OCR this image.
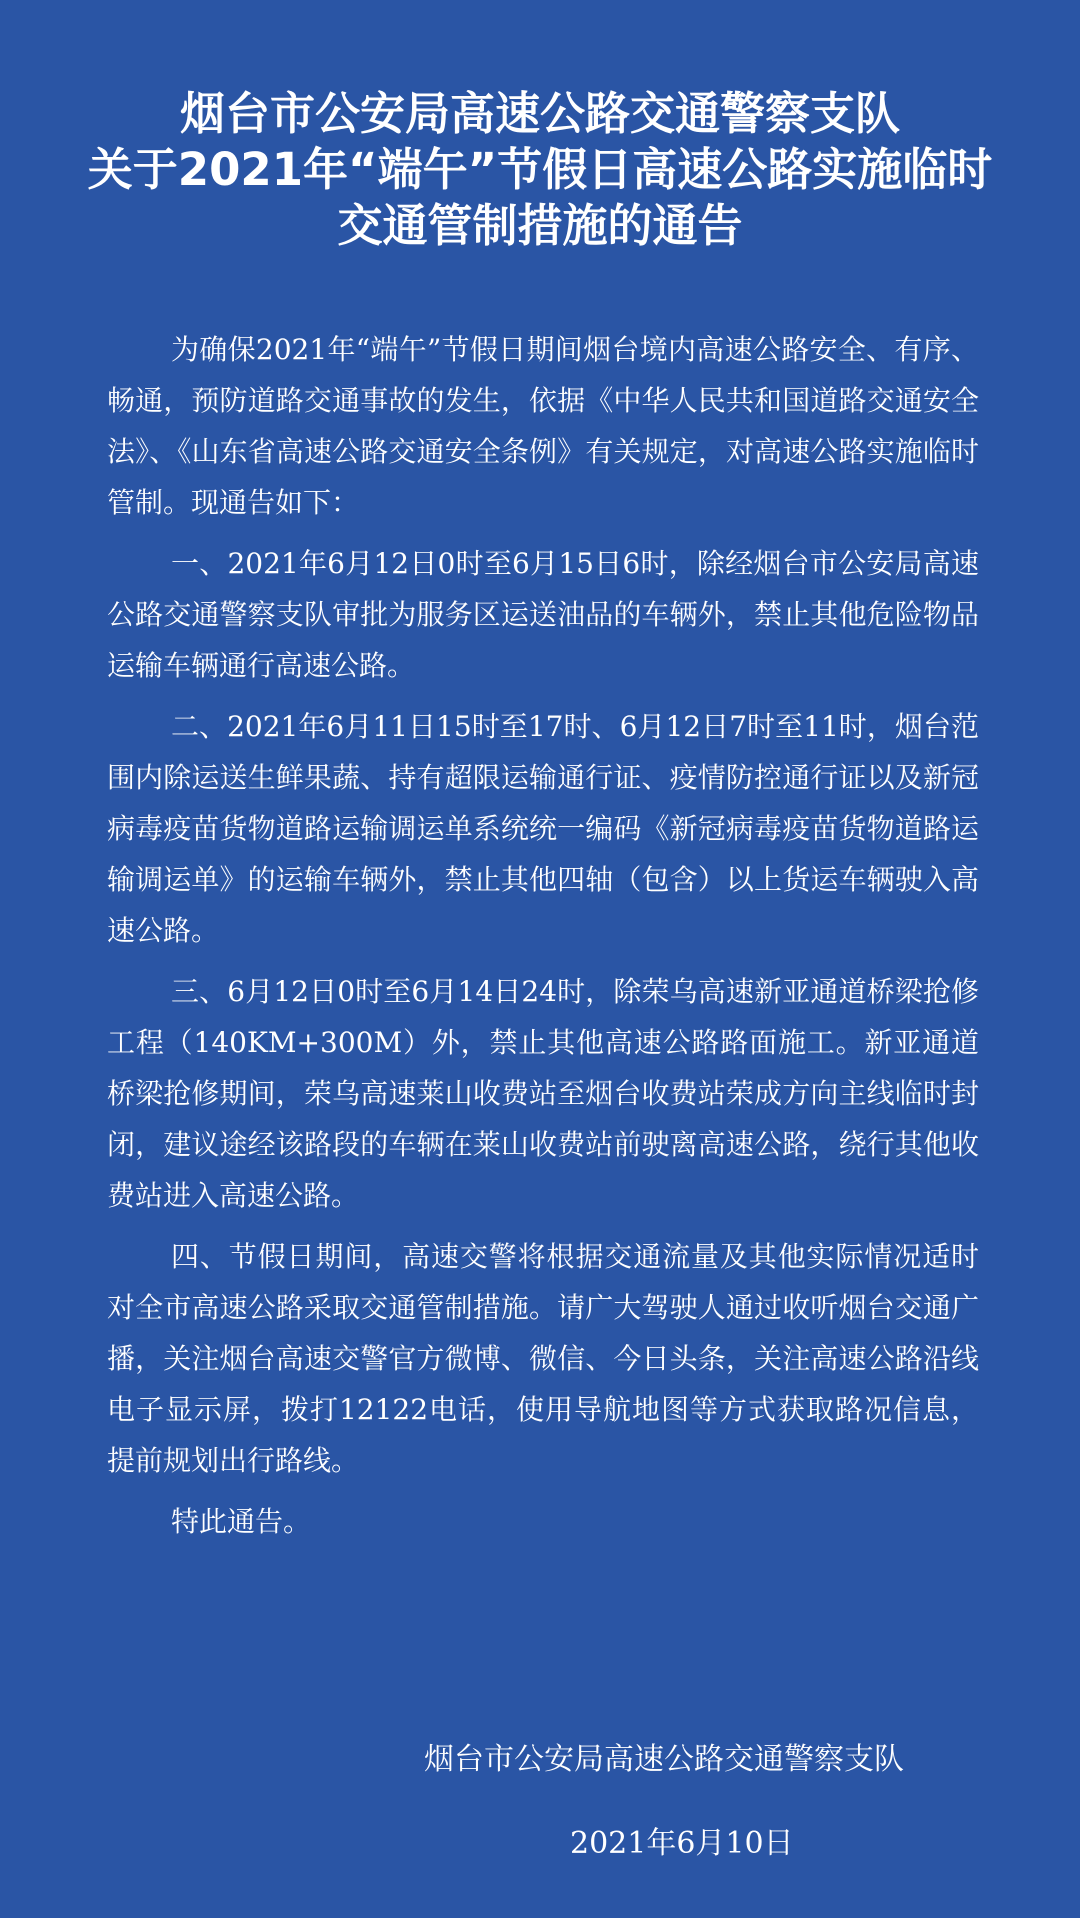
烟台市公安局高速公路交通警察支队
关于2021年“端午”节假日高速公路实施临时
交通管制措施的通告

为确保2021年“端午”节假日期间烟台境内高速公路安全、有序、畅通，预防道路交通事故的发生，依据《中华人民共和国道路交通安全法》、《山东省高速公路交通安全条例》有关规定，对高速公路实施临时管制。现通告如下：

一、2021年6月12日0时至6月15日6时，除经烟台市公安局高速公路交通警察支队审批为服务区运送油品的车辆外，禁止其他危险物品运输车辆通行高速公路。

二、2021年6月11日15时至17时、6月12日7时至11时，烟台范围内除运送生鲜果蔬、持有超限运输通行证、疫情防控通行证以及新冠病毒疫苗货物道路运输调运单系统统一编码《新冠病毒疫苗货物道路运输调运单》的运输车辆外，禁止其他四轴（包含）以上货运车辆驶入高速公路。

三、6月12日0时至6月14日24时，除荣乌高速新亚通道桥梁抢修工程（140KM+300M）外，禁止其他高速公路路面施工。新亚通道桥梁抢修期间，荣乌高速莱山收费站至烟台收费站荣成方向主线临时封闭，建议途经该路段的车辆在莱山收费站前驶离高速公路，绕行其他收费站进入高速公路。

四、节假日期间，高速交警将根据交通流量及其他实际情况适时对全市高速公路采取交通管制措施。请广大驾驶人通过收听烟台交通广播，关注烟台高速交警官方微博、微信、今日头条，关注高速公路沿线电子显示屏，拨打12122电话，使用导航地图等方式获取路况信息，提前规划出行路线。

特此通告。

烟台市公安局高速公路交通警察支队
2021年6月10日
